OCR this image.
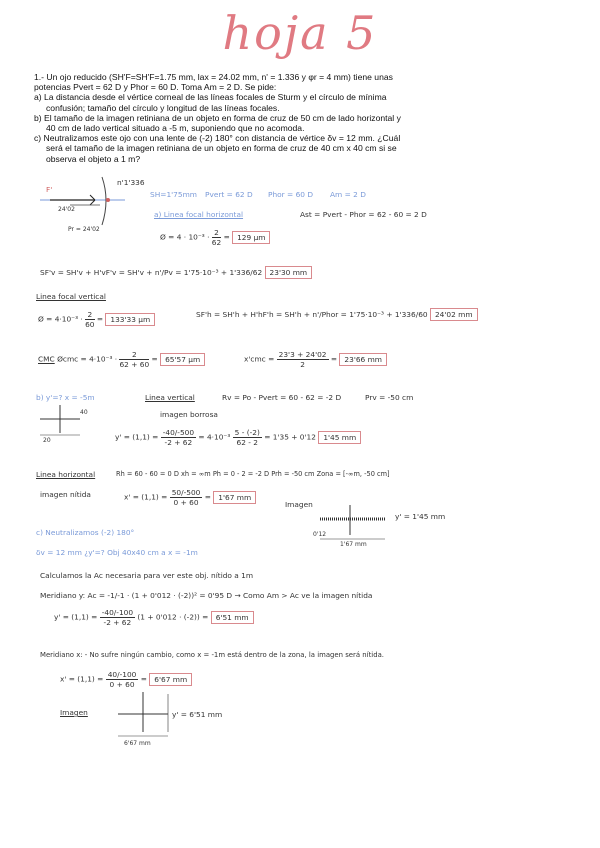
hoja 5

1.- Un ojo reducido (SH'F=SH'F=1.75 mm, lax = 24.02 mm, n' = 1.336 y φr = 4 mm) tiene unas potencias Pvert = 62 D y Phor = 60 D. Toma Am = 2 D. Se pide:

a) La distancia desde el vértice corneal de las líneas focales de Sturm y el círculo de mínima confusión; tamaño del círculo y longitud de las líneas focales.

b) El tamaño de la imagen retiniana de un objeto en forma de cruz de 50 cm de lado horizontal y 40 cm de lado vertical situado a -5 m, suponiendo que no acomoda.

c) Neutralizamos este ojo con una lente de (-2) 180° con distancia de vértice δv = 12 mm. ¿Cuál será el tamaño de la imagen retiniana de un objeto en forma de cruz de 40 cm x 40 cm si se observa el objeto a 1 m?

n'1'336
F'
24'02
Pr = 24'02
SH=1'75mm Pvert = 62 D Phor = 60 D Am = 2 D
a) Linea focal horizontal	Ast = Pvert - Phor = 62 - 60 = 2 D
Ø = $4 \cdot 10^{-3} \cdot \frac{2}{62} = 129$ μm
SF'v = SH'v + H'vF'v = SH'v + n'/Pv = 1'75·10⁻³ + 1'336/62 23'30 mm
Linea focal vertical
Ø = $4\cdot 10^{-3} \cdot \frac{2}{60} = 133'33$ μm	SF'h = SH'h + H'hF'h = SH'h + n'/Phor = 1'75·10⁻³ + 1'336/60 24'02 mm
CMC Øcmc = $4\cdot 10^{-3} \cdot \frac{2}{62 + 60} = 65'57$ μm	$x'cmc = \frac{23'3 + 24'02}{2} = 23'66$ mm
b) y'=? x = -5m	Linea vertical	Rv = Po - Pvert = 60 - 62 = -2 D	Prv = -50 cm
imagen borrosa
40
20	$y' = (1,1) = \frac{-40/-500}{-2 + 62} = 4\cdot 10^{-3} \frac{5 - (-2)}{62 - 2} = 1'35 + 0'12$ 1'45 mm
Linea horizontal	Rh = 60 - 60 = 0 D xh = ∞m Ph = 0 - 2 = -2 D Prh = -50 cm Zona = [-∞m, -50 cm]
imagen nítida	$x' = (1,1) = \frac{50/-500}{0 + 60} = 1'67$ mm
Imagen
y' = 1'45 mm
1'67 mm
0'12
c) Neutralizamos (-2) 180°
δv = 12 mm ¿y'=? Obj 40x40 cm a x = -1m
Calculamos la Ac necesaria para ver este obj. nítido a 1m
Meridiano y: Ac = -1/-1 · (1 + 0'012 · (-2))² = 0'95 D → Como Am > Ac ve la imagen nítida
$y' = (1,1) = \frac{-40/-100}{-2 + 62} (1 + 0'012 \cdot (-2)) = 6'51$ mm
Meridiano x: - No sufre ningún cambio, como x = -1m está dentro de la zona, la imagen será nítida.
$x' = (1,1) = \frac{40/-100}{0 + 60} = 6'67$ mm
Imagen	y' = 6'51 mm
6'67 mm
